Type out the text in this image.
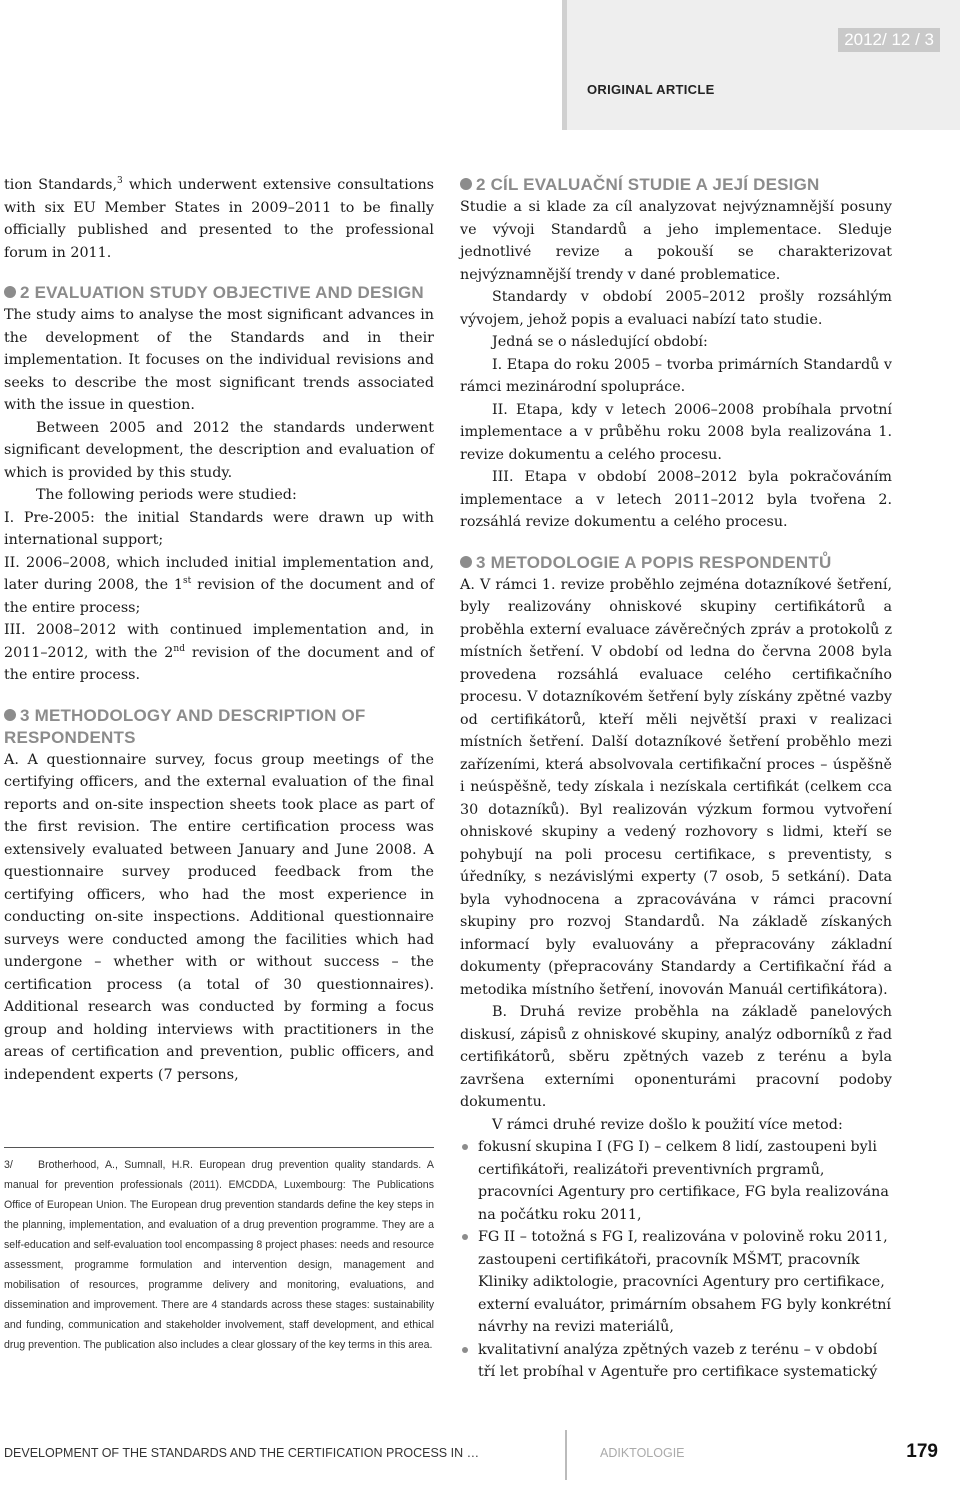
2012/ 12 / 3
ORIGINAL ARTICLE

tion Standards,$^3$ which underwent extensive consultations with six EU Member States in 2009–2011 to be finally officially published and presented to the professional forum in 2011.

2 EVALUATION STUDY OBJECTIVE AND DESIGN

The study aims to analyse the most significant advances in the development of the Standards and in their implementation. It focuses on the individual revisions and seeks to describe the most significant trends associated with the issue in question.

Between 2005 and 2012 the standards underwent significant development, the description and evaluation of which is provided by this study.

The following periods were studied:

I. Pre-2005: the initial Standards were drawn up with international support;

II. 2006–2008, which included initial implementation and, later during 2008, the 1st revision of the document and of the entire process;

III. 2008–2012 with continued implementation and, in 2011–2012, with the 2nd revision of the document and of the entire process.

3 METHODOLOGY AND DESCRIPTION OF RESPONDENTS

A. A questionnaire survey, focus group meetings of the certifying officers, and the external evaluation of the final reports and on-site inspection sheets took place as part of the first revision. The entire certification process was extensively evaluated between January and June 2008. A questionnaire survey produced feedback from the certifying officers, who had the most experience in conducting on-site inspections. Additional questionnaire surveys were conducted among the facilities which had undergone – whether with or without success – the certification process (a total of 30 questionnaires). Additional research was conducted by forming a focus group and holding interviews with practitioners in the areas of certification and prevention, public officers, and independent experts (7 persons,

3/ Brotherhood, A., Sumnall, H.R. European drug prevention quality standards. A manual for prevention professionals (2011). EMCDDA, Luxembourg: The Publications Office of European Union. The European drug prevention standards define the key steps in the planning, implementation, and evaluation of a drug prevention programme. They are a self-education and self-evaluation tool encompassing 8 project phases: needs and resource assessment, programme formulation and intervention design, management and mobilisation of resources, programme delivery and monitoring, evaluations, and dissemination and improvement. There are 4 standards across these stages: sustainability and funding, communication and stakeholder involvement, staff development, and ethical drug prevention. The publication also includes a clear glossary of the key terms in this area.
2 CÍL EVALUAČNÍ STUDIE A JEJÍ DESIGN

Studie a si klade za cíl analyzovat nejvýznamnější posuny ve vývoji Standardů a jeho implementace. Sleduje jednotlivé revize a pokouší se charakterizovat nejvýznamnější trendy v dané problematice.

Standardy v období 2005–2012 prošly rozsáhlým vývojem, jehož popis a evaluaci nabízí tato studie.

Jedná se o následující období:

I. Etapa do roku 2005 – tvorba primárních Standardů v rámci mezinárodní spolupráce.

II. Etapa, kdy v letech 2006–2008 probíhala prvotní implementace a v průběhu roku 2008 byla realizována 1. revize dokumentu a celého procesu.

III. Etapa v období 2008–2012 byla pokračováním implementace a v letech 2011–2012 byla tvořena 2. rozsáhlá revize dokumentu a celého procesu.

3 METODOLOGIE A POPIS RESPONDENTŮ

A. V rámci 1. revize proběhlo zejména dotazníkové šetření, byly realizovány ohniskové skupiny certifikátorů a proběhla externí evaluace závěrečných zpráv a protokolů z místních šetření. V období od ledna do června 2008 byla provedena rozsáhlá evaluace celého certifikačního procesu. V dotazníkovém šetření byly získány zpětné vazby od certifikátorů, kteří měli největší praxi v realizaci místních šetření. Další dotazníkové šetření proběhlo mezi zařízeními, která absolvovala certifikační proces – úspěšně i neúspěšně, tedy získala i nezískala certifikát (celkem cca 30 dotazníků). Byl realizován výzkum formou vytvoření ohniskové skupiny a vedený rozhovory s lidmi, kteří se pohybují na poli procesu certifikace, s preventisty, s úředníky, s nezávislými experty (7 osob, 5 setkání). Data byla vyhodnocena a zpracovávána v rámci pracovní skupiny pro rozvoj Standardů. Na základě získaných informací byly evaluovány a přepracovány základní dokumenty (přepracovány Standardy a Certifikační řád a metodika místního šetření, inovován Manuál certifikátora).

B. Druhá revize proběhla na základě panelových diskusí, zápisů z ohniskové skupiny, analýz odborníků z řad certifikátorů, sběru zpětných vazeb z terénu a byla završena externími oponenturámi pracovní podoby dokumentu.

V rámci druhé revize došlo k použití více metod:

fokusní skupina I (FG I) – celkem 8 lidí, zastoupeni byli certifikátoři, realizátoři preventivních prgramů, pracovníci Agentury pro certifikace, FG byla realizována na počátku roku 2011,
FG II – totožná s FG I, realizována v polovině roku 2011, zastoupeni certifikátoři, pracovník MŠMT, pracovník Kliniky adiktologie, pracovníci Agentury pro certifikace, externí evaluátor, primárním obsahem FG byly konkrétní návrhy na revizi materiálů,
kvalitativní analýza zpětných vazeb z terénu – v období tří let probíhal v Agentuře pro certifikace systematický
DEVELOPMENT OF THE STANDARDS AND THE CERTIFICATION PROCESS IN …	ADIKTOLOGIE	179
